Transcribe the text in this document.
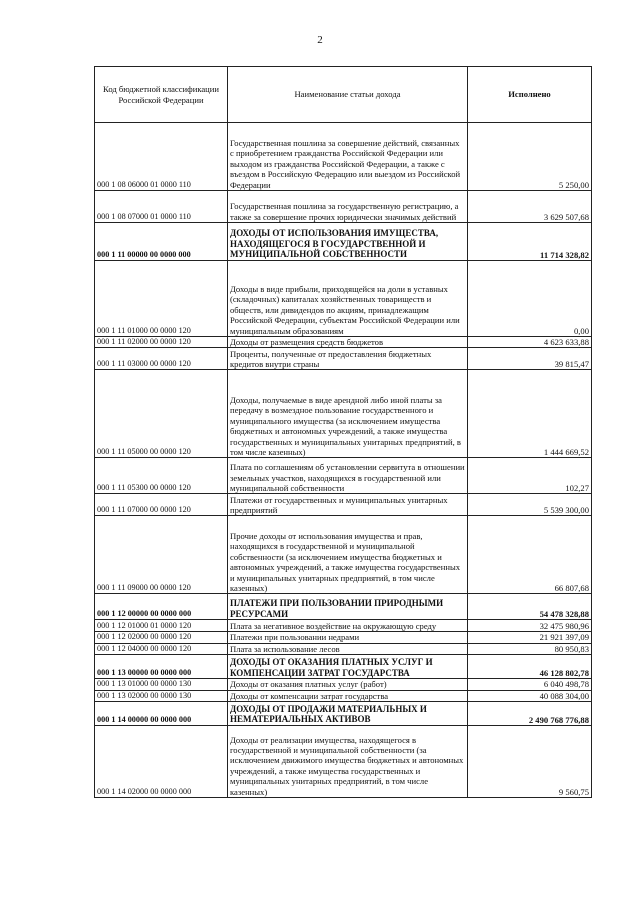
2
Код бюджетной классификации Российской Федерации	Наименование статьи дохода	Исполнено
000 1 08 06000 01 0000 110	Государственная пошлина за совершение действий, связанных с приобретением гражданства Российской Федерации или выходом из гражданства Российской Федерации, а также с въездом в Российскую Федерацию или выездом из Российской Федерации	5 250,00
000 1 08 07000 01 0000 110	Государственная пошлина за государственную регистрацию, а также за совершение прочих юридически значимых действий	3 629 507,68
000 1 11 00000 00 0000 000	ДОХОДЫ ОТ ИСПОЛЬЗОВАНИЯ ИМУЩЕСТВА, НАХОДЯЩЕГОСЯ В ГОСУДАРСТВЕННОЙ И МУНИЦИПАЛЬНОЙ СОБСТВЕННОСТИ	11 714 328,82
000 1 11 01000 00 0000 120	Доходы в виде прибыли, приходящейся на доли в уставных (складочных) капиталах хозяйственных товариществ и обществ, или дивидендов по акциям, принадлежащим Российской Федерации, субъектам Российской Федерации или муниципальным образованиям	0,00
000 1 11 02000 00 0000 120	Доходы от размещения средств бюджетов	4 623 633,88
000 1 11 03000 00 0000 120	Проценты, полученные от предоставления бюджетных кредитов внутри страны	39 815,47
000 1 11 05000 00 0000 120	Доходы, получаемые в виде арендной либо иной платы за передачу в возмездное пользование государственного и муниципального имущества (за исключением имущества бюджетных и автономных учреждений, а также имущества государственных и муниципальных унитарных предприятий, в том числе казенных)	1 444 669,52
000 1 11 05300 00 0000 120	Плата по соглашениям об установлении сервитута в отношении земельных участков, находящихся в государственной или муниципальной собственности	102,27
000 1 11 07000 00 0000 120	Платежи от государственных и муниципальных унитарных предприятий	5 539 300,00
000 1 11 09000 00 0000 120	Прочие доходы от использования имущества и прав, находящихся в государственной и муниципальной собственности (за исключением имущества бюджетных и автономных учреждений, а также имущества государственных и муниципальных унитарных предприятий, в том числе казенных)	66 807,68
000 1 12 00000 00 0000 000	ПЛАТЕЖИ ПРИ ПОЛЬЗОВАНИИ ПРИРОДНЫМИ РЕСУРСАМИ	54 478 328,88
000 1 12 01000 01 0000 120	Плата за негативное воздействие на окружающую среду	32 475 980,96
000 1 12 02000 00 0000 120	Платежи при пользовании недрами	21 921 397,09
000 1 12 04000 00 0000 120	Плата за использование лесов	80 950,83
000 1 13 00000 00 0000 000	ДОХОДЫ ОТ ОКАЗАНИЯ ПЛАТНЫХ УСЛУГ И КОМПЕНСАЦИИ ЗАТРАТ ГОСУДАРСТВА	46 128 802,78
000 1 13 01000 00 0000 130	Доходы от оказания платных услуг (работ)	6 040 498,78
000 1 13 02000 00 0000 130	Доходы от компенсации затрат государства	40 088 304,00
000 1 14 00000 00 0000 000	ДОХОДЫ ОТ ПРОДАЖИ МАТЕРИАЛЬНЫХ И НЕМАТЕРИАЛЬНЫХ АКТИВОВ	2 490 768 776,88
000 1 14 02000 00 0000 000	Доходы от реализации имущества, находящегося в государственной и муниципальной собственности (за исключением движимого имущества бюджетных и автономных учреждений, а также имущества государственных и муниципальных унитарных предприятий, в том числе казенных)	9 560,75
